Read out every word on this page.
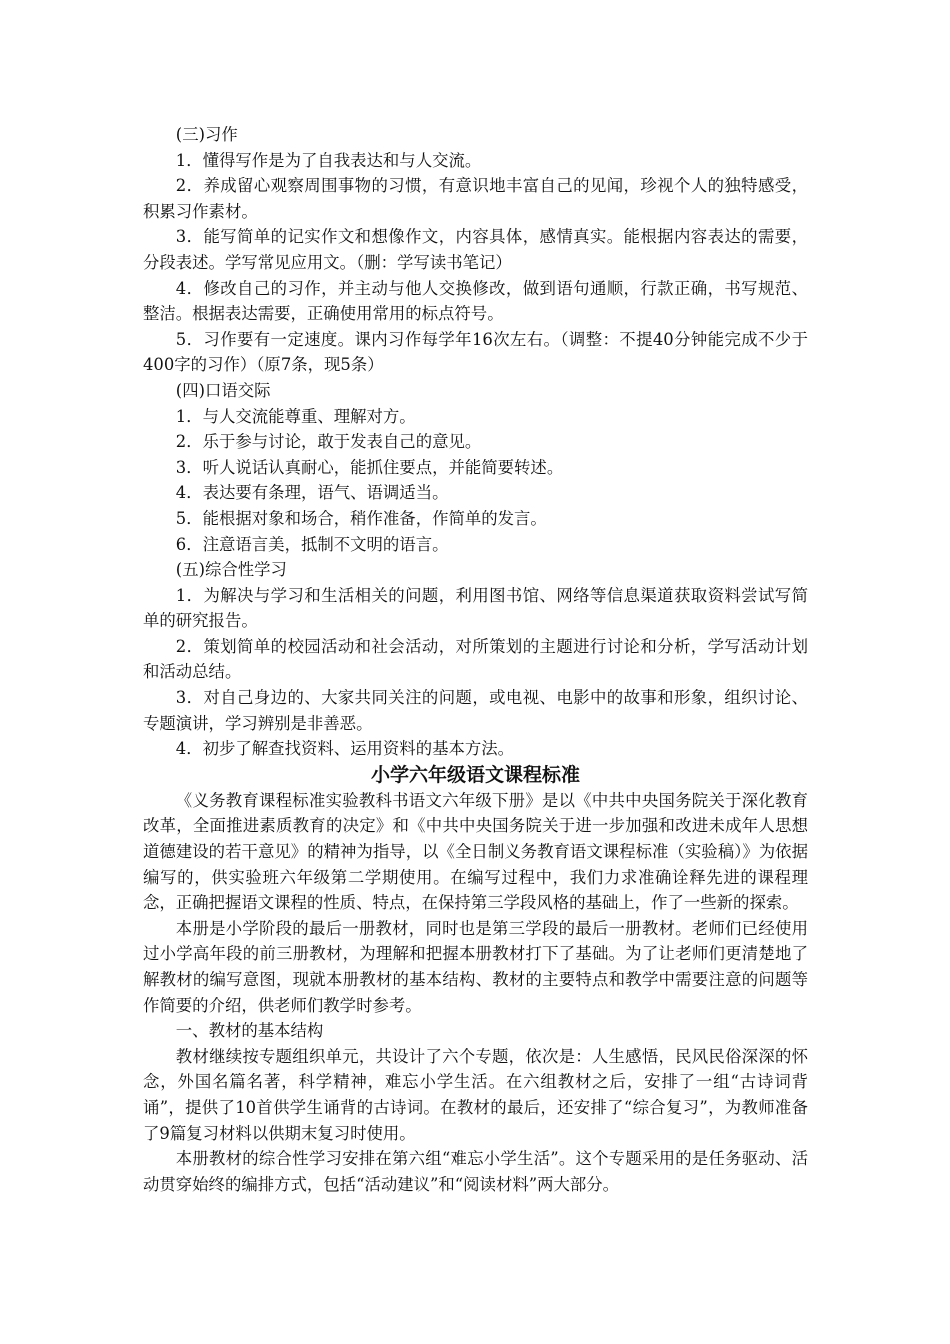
(三)习作

1．懂得写作是为了自我表达和与人交流。

2．养成留心观察周围事物的习惯，有意识地丰富自己的见闻，珍视个人的独特感受，积累习作素材。

3．能写简单的记实作文和想像作文，内容具体，感情真实。能根据内容表达的需要，分段表述。学写常见应用文。（删：学写读书笔记）

4．修改自己的习作，并主动与他人交换修改，做到语句通顺，行款正确，书写规范、整洁。根据表达需要，正确使用常用的标点符号。

5．习作要有一定速度。课内习作每学年16次左右。（调整：不提40分钟能完成不少于400字的习作）（原7条，现5条）

(四)口语交际

1．与人交流能尊重、理解对方。

2．乐于参与讨论，敢于发表自己的意见。

3．听人说话认真耐心，能抓住要点，并能简要转述。

4．表达要有条理，语气、语调适当。

5．能根据对象和场合，稍作准备，作简单的发言。

6．注意语言美，抵制不文明的语言。

(五)综合性学习

1．为解决与学习和生活相关的问题，利用图书馆、网络等信息渠道获取资料尝试写简单的研究报告。

2．策划简单的校园活动和社会活动，对所策划的主题进行讨论和分析，学写活动计划和活动总结。

3．对自己身边的、大家共同关注的问题，或电视、电影中的故事和形象，组织讨论、专题演讲，学习辨别是非善恶。

4．初步了解查找资料、运用资料的基本方法。

小学六年级语文课程标准

《义务教育课程标准实验教科书语文六年级下册》是以《中共中央国务院关于深化教育改革，全面推进素质教育的决定》和《中共中央国务院关于进一步加强和改进未成年人思想道德建设的若干意见》的精神为指导，以《全日制义务教育语文课程标准（实验稿）》为依据编写的，供实验班六年级第二学期使用。在编写过程中，我们力求准确诠释先进的课程理念，正确把握语文课程的性质、特点，在保持第三学段风格的基础上，作了一些新的探索。

本册是小学阶段的最后一册教材，同时也是第三学段的最后一册教材。老师们已经使用过小学高年段的前三册教材，为理解和把握本册教材打下了基础。为了让老师们更清楚地了解教材的编写意图，现就本册教材的基本结构、教材的主要特点和教学中需要注意的问题等作简要的介绍，供老师们教学时参考。

一、教材的基本结构

教材继续按专题组织单元，共设计了六个专题，依次是：人生感悟，民风民俗深深的怀念，外国名篇名著，科学精神，难忘小学生活。在六组教材之后，安排了一组“古诗词背诵”，提供了10首供学生诵背的古诗词。在教材的最后，还安排了“综合复习”，为教师准备了9篇复习材料以供期末复习时使用。

本册教材的综合性学习安排在第六组“难忘小学生活”。这个专题采用的是任务驱动、活动贯穿始终的编排方式，包括“活动建议”和“阅读材料”两大部分。
